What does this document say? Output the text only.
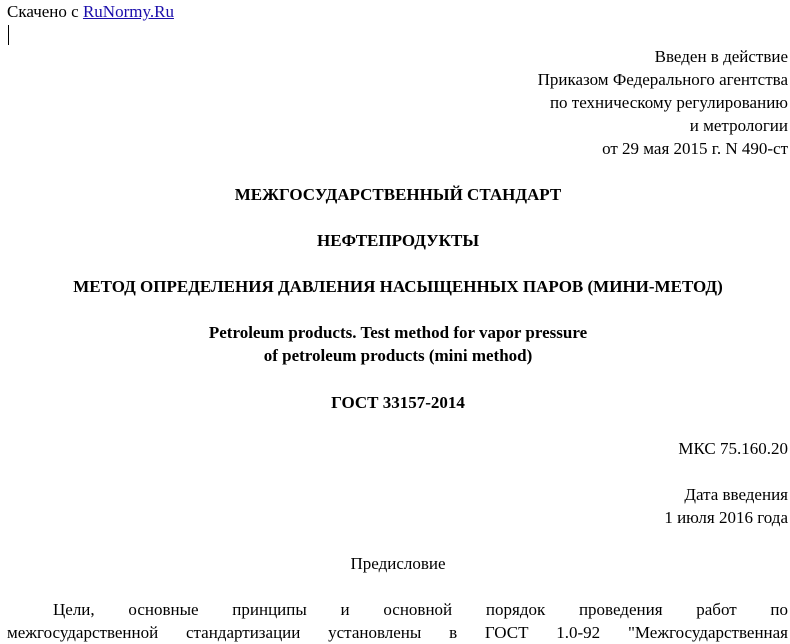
Скачено с RuNormy.Ru
Введен в действие
Приказом Федерального агентства
по техническому регулированию
и метрологии
от 29 мая 2015 г. N 490-ст
МЕЖГОСУДАРСТВЕННЫЙ СТАНДАРТ
НЕФТЕПРОДУКТЫ
МЕТОД ОПРЕДЕЛЕНИЯ ДАВЛЕНИЯ НАСЫЩЕННЫХ ПАРОВ (МИНИ-МЕТОД)
Petroleum products. Test method for vapor pressure
of petroleum products (mini method)
ГОСТ 33157-2014
МКС 75.160.20
Дата введения
1 июля 2016 года
Предисловие
Цели, основные принципы и основной порядок проведения работ по
межгосударственной стандартизации установлены в ГОСТ 1.0-92 "Межгосударственная
